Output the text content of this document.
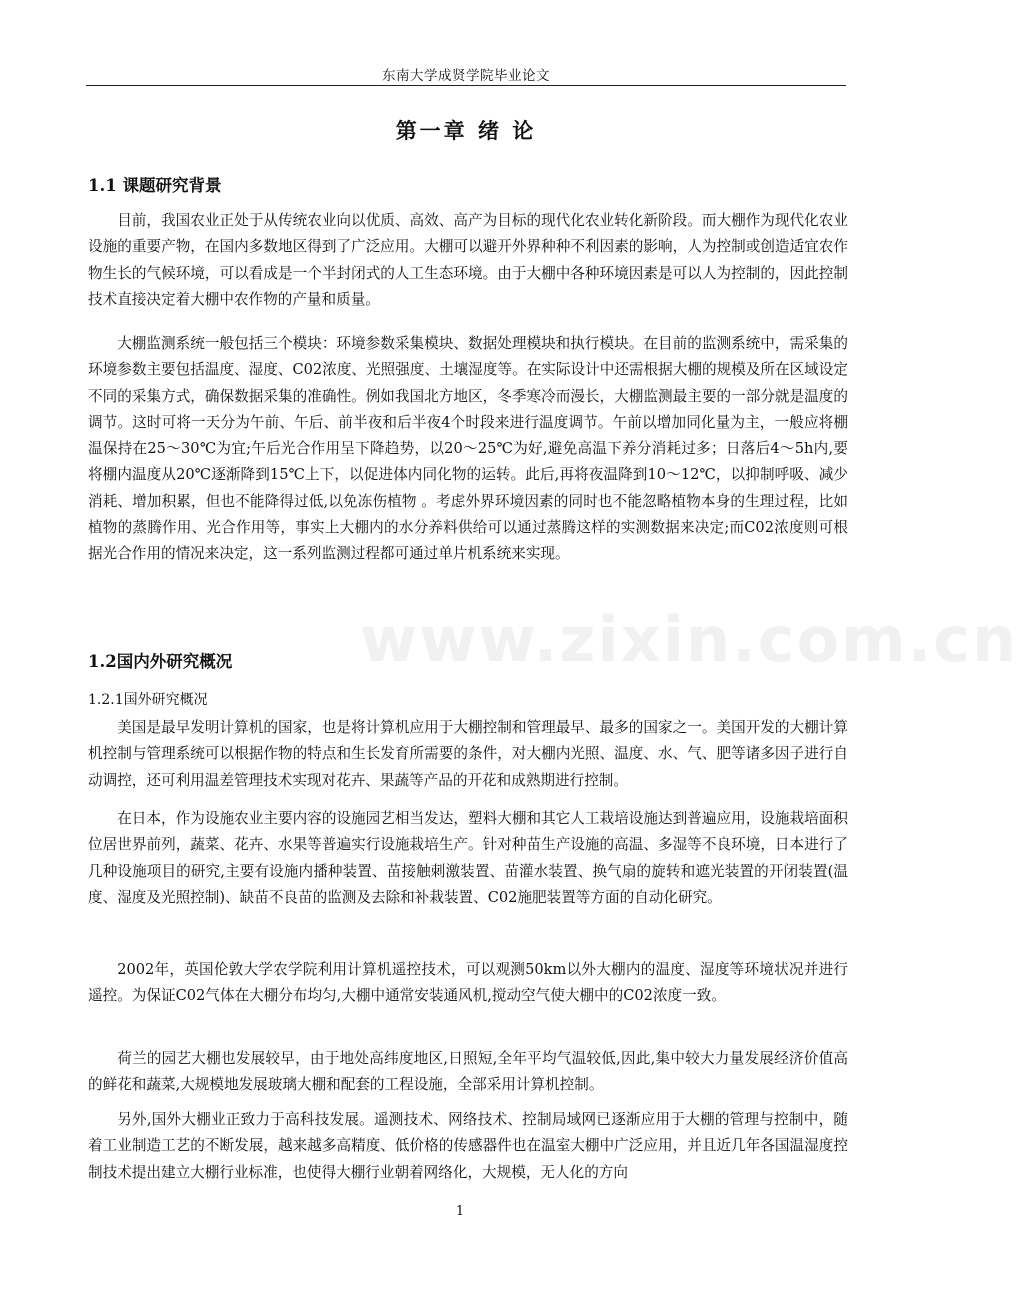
东南大学成贤学院毕业论文
第一章 绪 论
1.1 课题研究背景

目前，我国农业正处于从传统农业向以优质、高效、高产为目标的现代化农业转化新阶段。而大棚作为现代化农业设施的重要产物，在国内多数地区得到了广泛应用。大棚可以避开外界种种不利因素的影响，人为控制或创造适宜农作物生长的气候环境，可以看成是一个半封闭式的人工生态环境。由于大棚中各种环境因素是可以人为控制的，因此控制技术直接决定着大棚中农作物的产量和质量。

大棚监测系统一般包括三个模块：环境参数采集模块、数据处理模块和执行模块。在目前的监测系统中，需采集的环境参数主要包括温度、湿度、C02浓度、光照强度、土壤湿度等。在实际设计中还需根据大棚的规模及所在区域设定不同的采集方式，确保数据采集的准确性。例如我国北方地区，冬季寒冷而漫长，大棚监测最主要的一部分就是温度的调节。这时可将一天分为午前、午后、前半夜和后半夜4个时段来进行温度调节。午前以增加同化量为主，一般应将棚温保持在25～30℃为宜;午后光合作用呈下降趋势，以20～25℃为好,避免高温下养分消耗过多；日落后4～5h内,要将棚内温度从20℃逐渐降到15℃上下，以促进体内同化物的运转。此后,再将夜温降到10～12℃，以抑制呼吸、减少消耗、增加积累，但也不能降得过低,以免冻伤植物 。考虑外界环境因素的同时也不能忽略植物本身的生理过程，比如植物的蒸腾作用、光合作用等，事实上大棚内的水分养料供给可以通过蒸腾这样的实测数据来决定;而C02浓度则可根据光合作用的情况来决定，这一系列监测过程都可通过单片机系统来实现。

www.zixin.com.cn
1.2国内外研究概况
1.2.1国外研究概况

美国是最早发明计算机的国家，也是将计算机应用于大棚控制和管理最早、最多的国家之一。美国开发的大棚计算机控制与管理系统可以根据作物的特点和生长发育所需要的条件，对大棚内光照、温度、水、气、肥等诸多因子进行自动调控，还可利用温差管理技术实现对花卉、果蔬等产品的开花和成熟期进行控制。

在日本，作为设施农业主要内容的设施园艺相当发达，塑料大棚和其它人工栽培设施达到普遍应用，设施栽培面积位居世界前列，蔬菜、花卉、水果等普遍实行设施栽培生产。针对种苗生产设施的高温、多湿等不良环境，日本进行了几种设施项目的研究,主要有设施内播种装置、苗接触刺激装置、苗灌水装置、换气扇的旋转和遮光装置的开闭装置(温度、湿度及光照控制)、缺苗不良苗的监测及去除和补栽装置、C02施肥装置等方面的自动化研究。

2002年，英国伦敦大学农学院利用计算机遥控技术，可以观测50km以外大棚内的温度、湿度等环境状况并进行遥控。为保证C02气体在大棚分布均匀,大棚中通常安装通风机,搅动空气使大棚中的C02浓度一致。

荷兰的园艺大棚也发展较早，由于地处高纬度地区,日照短,全年平均气温较低,因此,集中较大力量发展经济价值高的鲜花和蔬菜,大规模地发展玻璃大棚和配套的工程设施，全部采用计算机控制。

另外,国外大棚业正致力于高科技发展。遥测技术、网络技术、控制局域网已逐渐应用于大棚的管理与控制中，随着工业制造工艺的不断发展，越来越多高精度、低价格的传感器件也在温室大棚中广泛应用，并且近几年各国温湿度控制技术提出建立大棚行业标准，也使得大棚行业朝着网络化，大规模，无人化的方向

1
